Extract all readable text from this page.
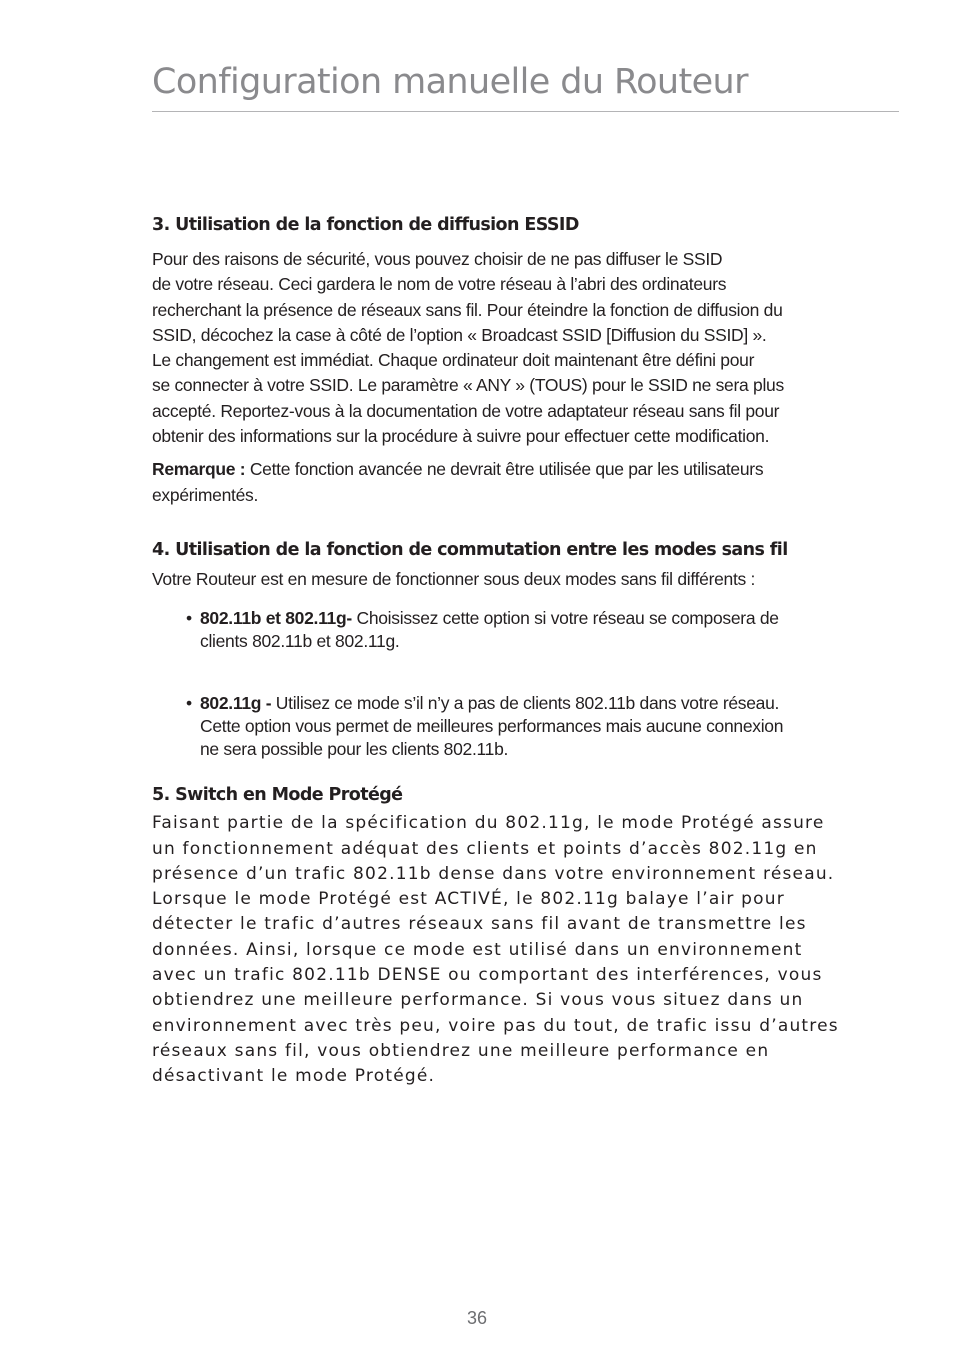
Configuration manuelle du Routeur
3. Utilisation de la fonction de diffusion ESSID

Pour des raisons de sécurité, vous pouvez choisir de ne pas diffuser le SSID
de votre réseau. Ceci gardera le nom de votre réseau à l’abri des ordinateurs
recherchant la présence de réseaux sans fil. Pour éteindre la fonction de diffusion du
SSID, décochez la case à côté de l’option « Broadcast SSID [Diffusion du SSID] ».
Le changement est immédiat. Chaque ordinateur doit maintenant être défini pour
se connecter à votre SSID. Le paramètre « ANY » (TOUS) pour le SSID ne sera plus
accepté. Reportez-vous à la documentation de votre adaptateur réseau sans fil pour
obtenir des informations sur la procédure à suivre pour effectuer cette modification.

Remarque : Cette fonction avancée ne devrait être utilisée que par les utilisateurs
expérimentés.

4. Utilisation de la fonction de commutation entre les modes sans fil

Votre Routeur est en mesure de fonctionner sous deux modes sans fil différents :

• 802.11b et 802.11g- Choisissez cette option si votre réseau se composera de
clients 802.11b et 802.11g.
• 802.11g - Utilisez ce mode s’il n’y a pas de clients 802.11b dans votre réseau.
Cette option vous permet de meilleures performances mais aucune connexion
ne sera possible pour les clients 802.11b.
5. Switch en Mode Protégé

Faisant partie de la spécification du 802.11g, le mode Protégé assure
un fonctionnement adéquat des clients et points d’accès 802.11g en
présence d’un trafic 802.11b dense dans votre environnement réseau.
Lorsque le mode Protégé est ACTIVÉ, le 802.11g balaye l’air pour
détecter le trafic d’autres réseaux sans fil avant de transmettre les
données. Ainsi, lorsque ce mode est utilisé dans un environnement
avec un trafic 802.11b DENSE ou comportant des interférences, vous
obtiendrez une meilleure performance. Si vous vous situez dans un
environnement avec très peu, voire pas du tout, de trafic issu d’autres
réseaux sans fil, vous obtiendrez une meilleure performance en
désactivant le mode Protégé.

36
